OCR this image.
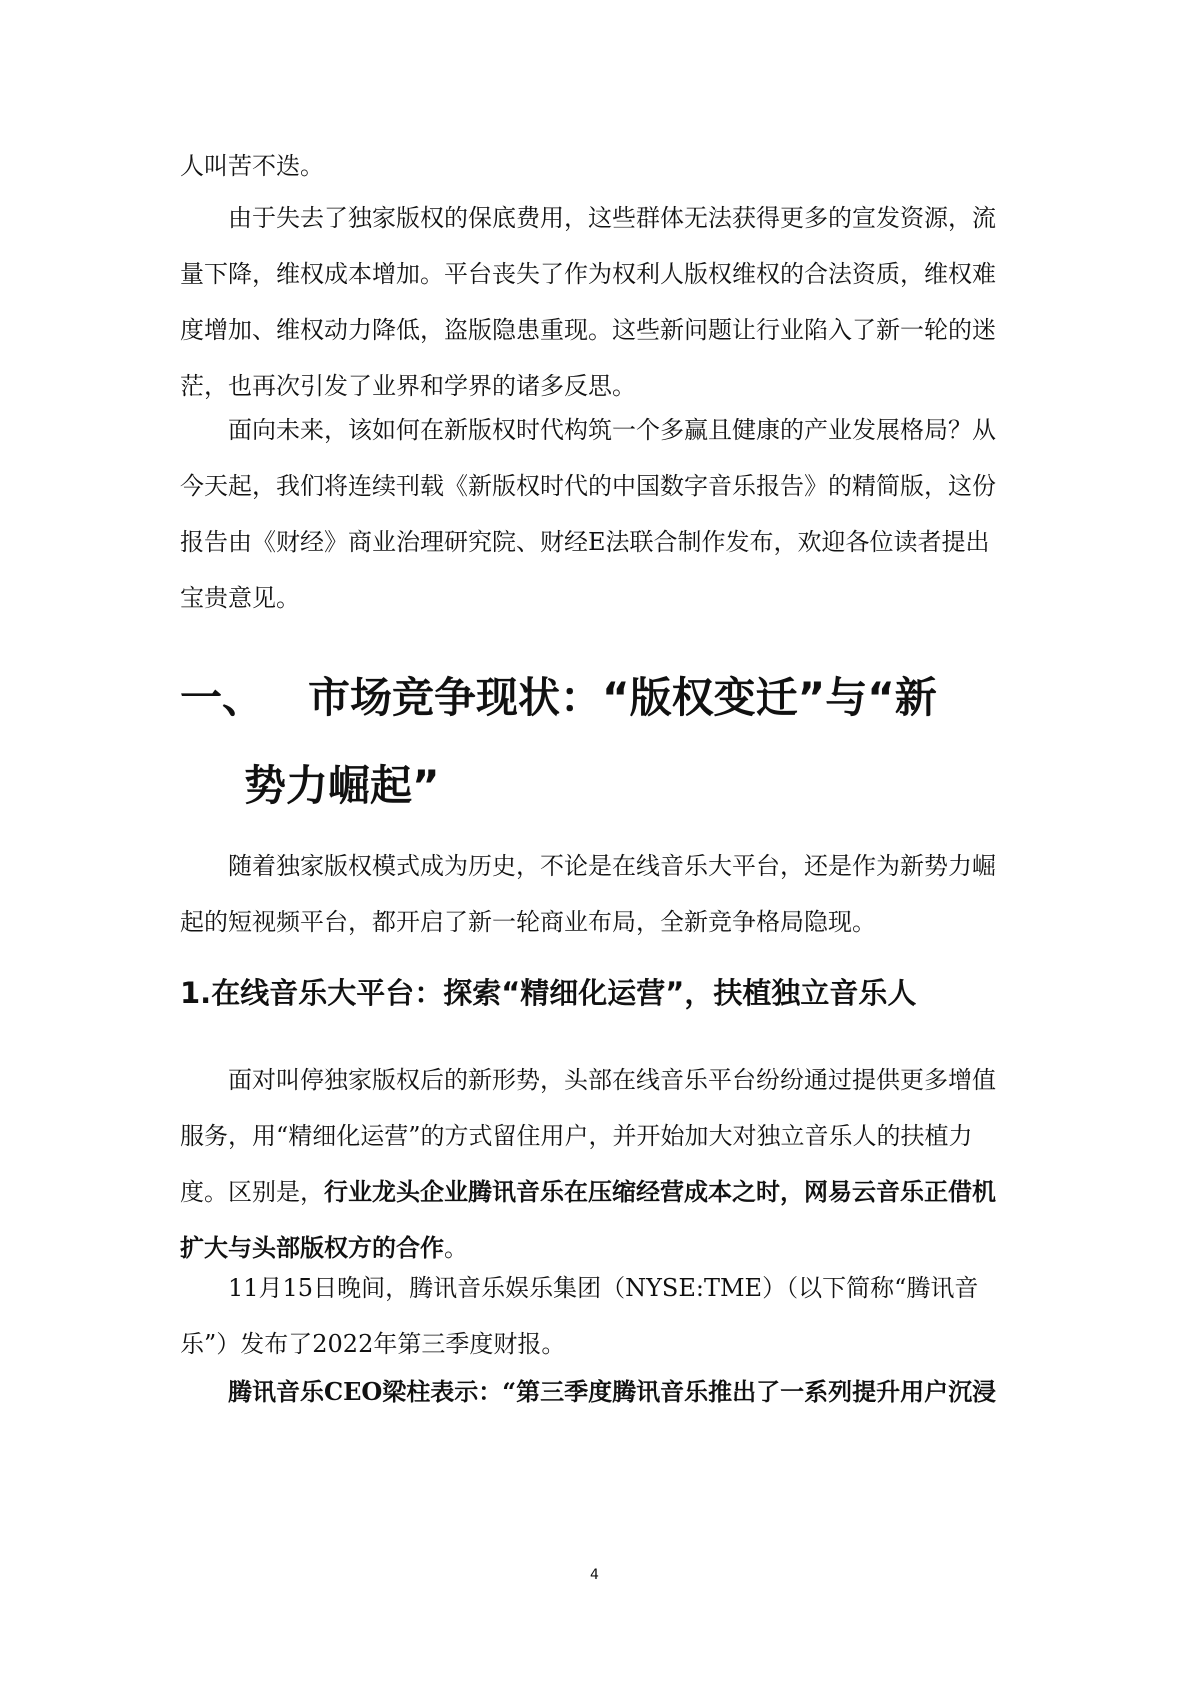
人叫苦不迭。

由于失去了独家版权的保底费用，这些群体无法获得更多的宣发资源，流量下降，维权成本增加。平台丧失了作为权利人版权维权的合法资质，维权难度增加、维权动力降低，盗版隐患重现。这些新问题让行业陷入了新一轮的迷茫，也再次引发了业界和学界的诸多反思。

面向未来，该如何在新版权时代构筑一个多赢且健康的产业发展格局？从今天起，我们将连续刊载《新版权时代的中国数字音乐报告》的精简版，这份报告由《财经》商业治理研究院、财经E法联合制作发布，欢迎各位读者提出宝贵意见。

一、 市场竞争现状：“版权变迁”与“新
势力崛起”

随着独家版权模式成为历史，不论是在线音乐大平台，还是作为新势力崛起的短视频平台，都开启了新一轮商业布局，全新竞争格局隐现。

1.在线音乐大平台：探索“精细化运营”，扶植独立音乐人

面对叫停独家版权后的新形势，头部在线音乐平台纷纷通过提供更多增值服务，用“精细化运营”的方式留住用户，并开始加大对独立音乐人的扶植力度。区别是，行业龙头企业腾讯音乐在压缩经营成本之时，网易云音乐正借机扩大与头部版权方的合作。

11月15日晚间，腾讯音乐娱乐集团（NYSE:TME）（以下简称“腾讯音乐”）发布了2022年第三季度财报。

腾讯音乐CEO梁柱表示：“第三季度腾讯音乐推出了一系列提升用户沉浸

4
